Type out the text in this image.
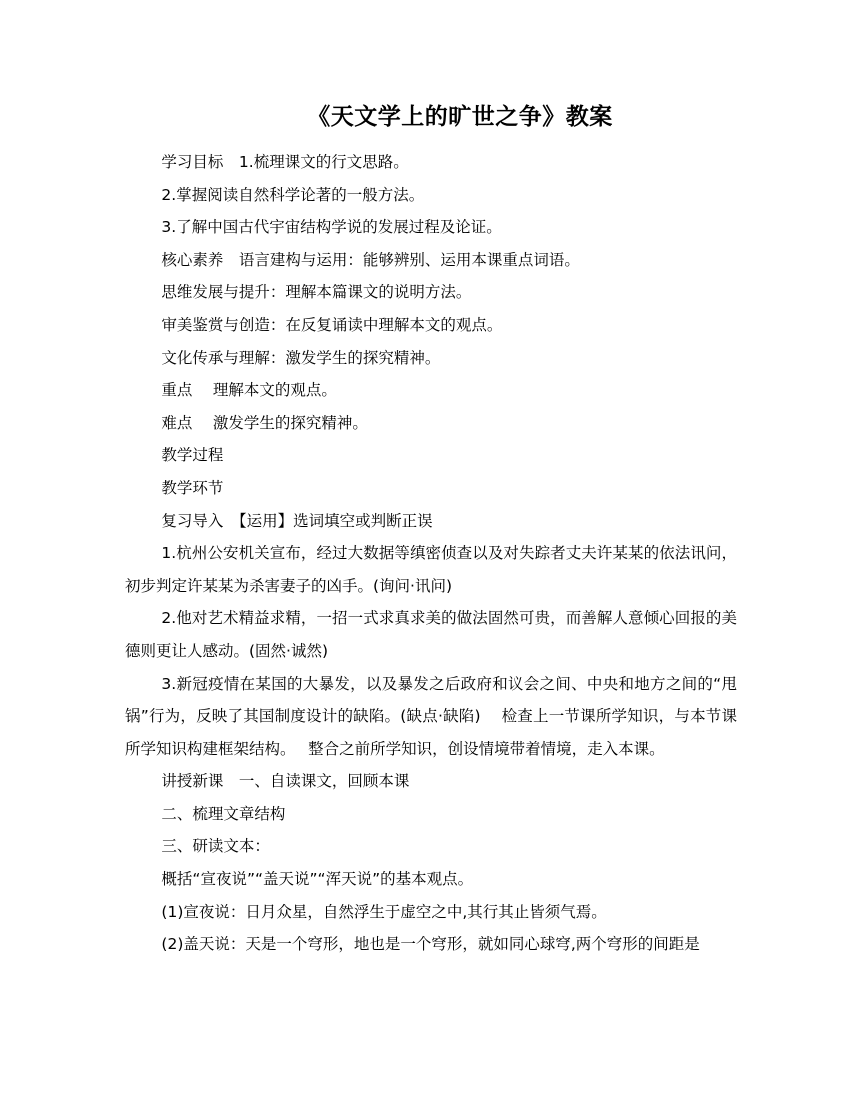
《天文学上的旷世之争》教案

学习目标　1.梳理课文的行文思路。

2.掌握阅读自然科学论著的一般方法。

3.了解中国古代宇宙结构学说的发展过程及论证。

核心素养　语言建构与运用：能够辨别、运用本课重点词语。

思维发展与提升：理解本篇课文的说明方法。

审美鉴赏与创造：在反复诵读中理解本文的观点。

文化传承与理解：激发学生的探究精神。

重点　 理解本文的观点。

难点　 激发学生的探究精神。

教学过程

教学环节

复习导入　【运用】选词填空或判断正误

1.杭州公安机关宣布，经过大数据等缜密侦查以及对失踪者丈夫许某某的依法讯问，初步判定许某某为杀害妻子的凶手。(询问·讯问)

2.他对艺术精益求精，一招一式求真求美的做法固然可贵，而善解人意倾心回报的美德则更让人感动。(固然·诚然)

3.新冠疫情在某国的大暴发，以及暴发之后政府和议会之间、中央和地方之间的“甩锅”行为，反映了其国制度设计的缺陷。(缺点·缺陷)　 检查上一节课所学知识，与本节课所学知识构建框架结构。　 整合之前所学知识，创设情境带着情境，走入本课。

讲授新课　一、自读课文，回顾本课

二、梳理文章结构

三、研读文本：

概括“宣夜说”“盖天说”“浑天说”的基本观点。

(1)宣夜说：日月众星，自然浮生于虚空之中,其行其止皆须气焉。

(2)盖天说：天是一个穹形，地也是一个穹形，就如同心球穹,两个穹形的间距是
